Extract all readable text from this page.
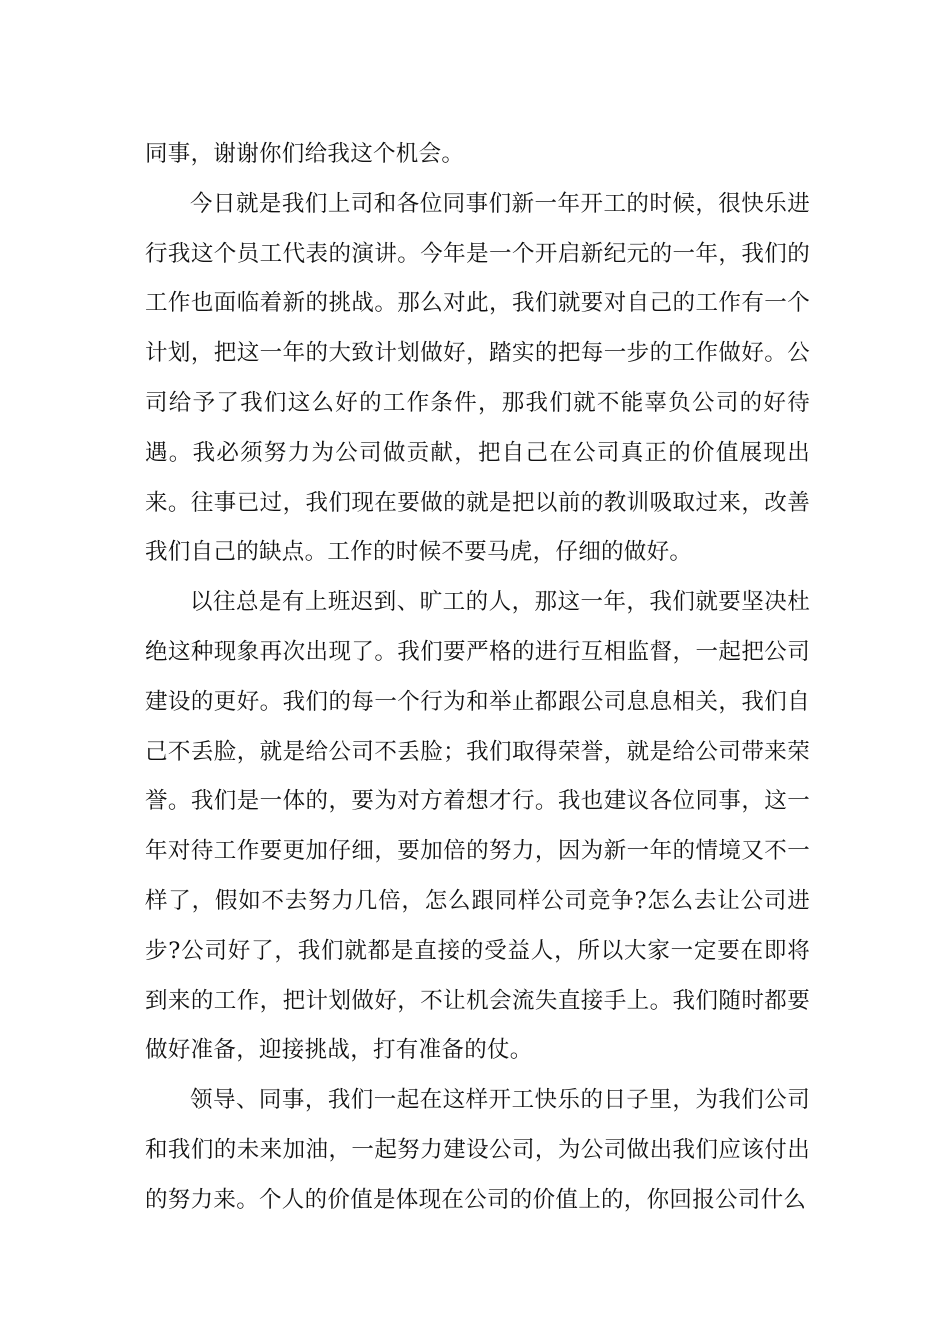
同事，谢谢你们给我这个机会。

今日就是我们上司和各位同事们新一年开工的时候，很快乐进行我这个员工代表的演讲。今年是一个开启新纪元的一年，我们的工作也面临着新的挑战。那么对此，我们就要对自己的工作有一个计划，把这一年的大致计划做好，踏实的把每一步的工作做好。公司给予了我们这么好的工作条件，那我们就不能辜负公司的好待遇。我必须努力为公司做贡献，把自己在公司真正的价值展现出来。往事已过，我们现在要做的就是把以前的教训吸取过来，改善我们自己的缺点。工作的时候不要马虎，仔细的做好。

以往总是有上班迟到、旷工的人，那这一年，我们就要坚决杜绝这种现象再次出现了。我们要严格的进行互相监督，一起把公司建设的更好。我们的每一个行为和举止都跟公司息息相关，我们自己不丢脸，就是给公司不丢脸；我们取得荣誉，就是给公司带来荣誉。我们是一体的，要为对方着想才行。我也建议各位同事，这一年对待工作要更加仔细，要加倍的努力，因为新一年的情境又不一样了，假如不去努力几倍，怎么跟同样公司竞争?怎么去让公司进步?公司好了，我们就都是直接的受益人，所以大家一定要在即将到来的工作，把计划做好，不让机会流失直接手上。我们随时都要做好准备，迎接挑战，打有准备的仗。

领导、同事，我们一起在这样开工快乐的日子里，为我们公司和我们的未来加油，一起努力建设公司，为公司做出我们应该付出的努力来。个人的价值是体现在公司的价值上的，你回报公司什么
